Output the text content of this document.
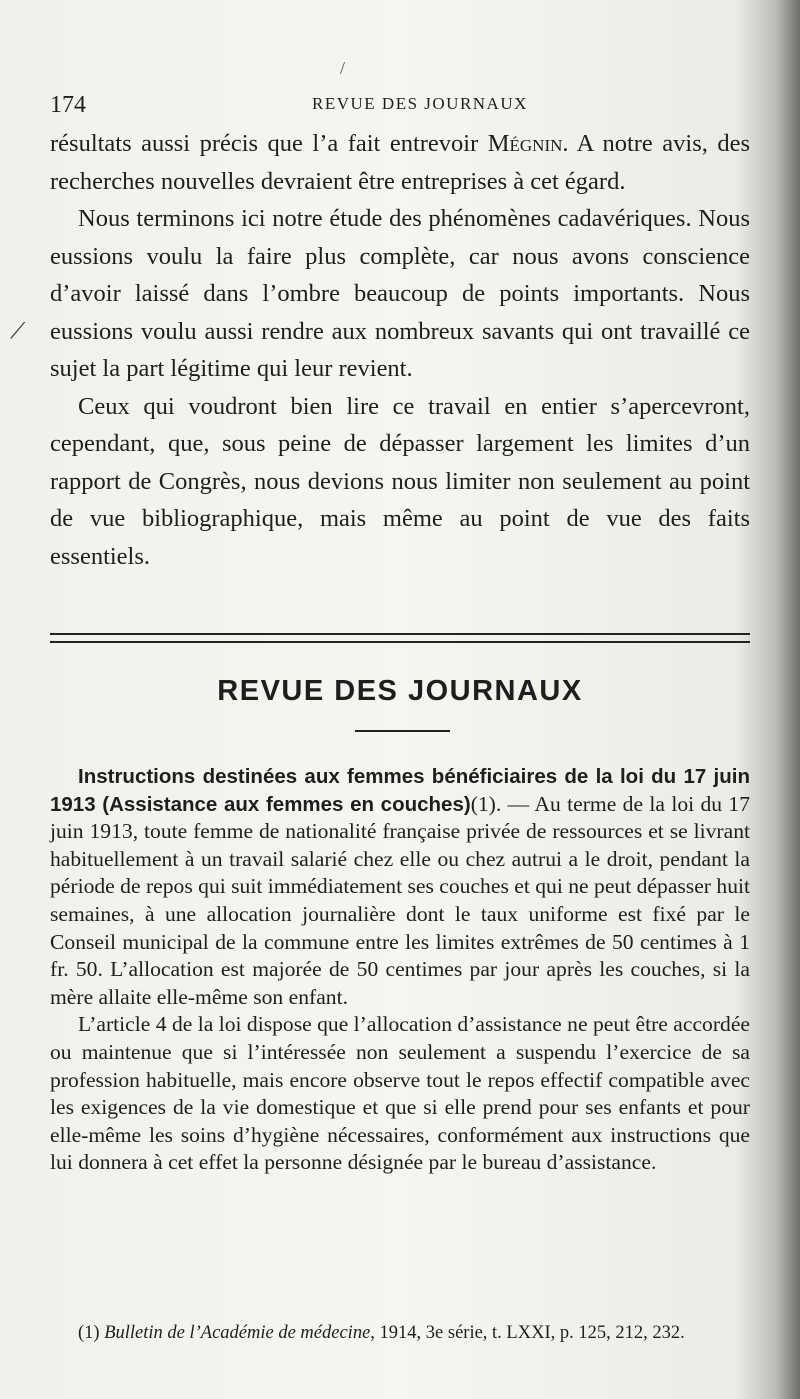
/
⟋
174	REVUE DES JOURNAUX

résultats aussi précis que l’a fait entrevoir Mégnin. A notre avis, des recherches nouvelles devraient être entreprises à cet égard.

Nous terminons ici notre étude des phénomènes cadavériques. Nous eussions voulu la faire plus complète, car nous avons conscience d’avoir laissé dans l’ombre beaucoup de points importants. Nous eussions voulu aussi rendre aux nombreux savants qui ont travaillé ce sujet la part légitime qui leur revient.

Ceux qui voudront bien lire ce travail en entier s’apercevront, cependant, que, sous peine de dépasser largement les limites d’un rapport de Congrès, nous devions nous limiter non seulement au point de vue bibliographique, mais même au point de vue des faits essentiels.

REVUE DES JOURNAUX

Instructions destinées aux femmes bénéficiaires de la loi du 17 juin 1913 (Assistance aux femmes en couches)(1). — Au terme de la loi du 17 juin 1913, toute femme de nationalité française privée de ressources et se livrant habituellement à un travail salarié chez elle ou chez autrui a le droit, pendant la période de repos qui suit immédiatement ses couches et qui ne peut dépasser huit semaines, à une allocation journalière dont le taux uniforme est fixé par le Conseil municipal de la commune entre les limites extrêmes de 50 centimes à 1 fr. 50. L’allocation est majorée de 50 centimes par jour après les couches, si la mère allaite elle-même son enfant.

L’article 4 de la loi dispose que l’allocation d’assistance ne peut être accordée ou maintenue que si l’intéressée non seulement a suspendu l’exercice de sa profession habituelle, mais encore observe tout le repos effectif compatible avec les exigences de la vie domestique et que si elle prend pour ses enfants et pour elle-même les soins d’hygiène nécessaires, conformément aux instructions que lui donnera à cet effet la personne désignée par le bureau d’assistance.

(1) Bulletin de l’Académie de médecine, 1914, 3e série, t. LXXI, p. 125, 212, 232.
